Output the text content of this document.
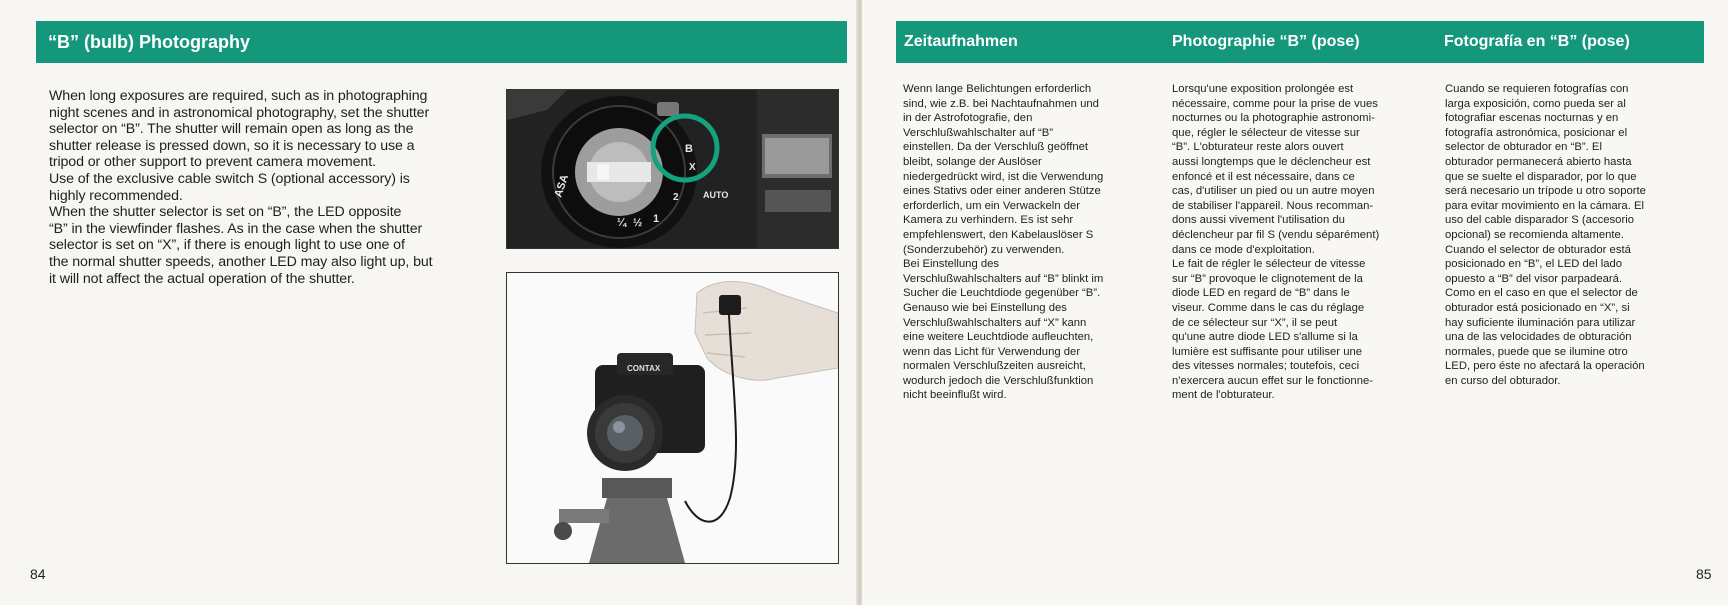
“B” (bulb) Photography
When long exposures are required, such as in photographing
night scenes and in astronomical photography, set the shutter
selector on “B”. The shutter will remain open as long as the
shutter release is pressed down, so it is necessary to use a
tripod or other support to prevent camera movement.
Use of the exclusive cable switch S (optional accessory) is
highly recommended.
When the shutter selector is set on “B”, the LED opposite
“B” in the viewfinder flashes. As in the case when the shutter
selector is set on “X”, if there is enough light to use one of
the normal shutter speeds, another LED may also light up, but
it will not affect the actual operation of the shutter.
ASA
B
X
2
¼ ½ 1
AUTO
CONTAX
84
Zeitaufnahmen	Photographie “B” (pose)	Fotografía en “B” (pose)
Wenn lange Belichtungen erforderlich
sind, wie z.B. bei Nachtaufnahmen und
in der Astrofotografie, den
Verschlußwahlschalter auf “B”
einstellen. Da der Verschluß geöffnet
bleibt, solange der Auslöser
niedergedrückt wird, ist die Verwendung
eines Stativs oder einer anderen Stütze
erforderlich, um ein Verwackeln der
Kamera zu verhindern. Es ist sehr
empfehlenswert, den Kabelauslöser S
(Sonderzubehör) zu verwenden.
Bei Einstellung des
Verschlußwahlschalters auf “B” blinkt im
Sucher die Leuchtdiode gegenüber “B”.
Genauso wie bei Einstellung des
Verschlußwahlschalters auf “X” kann
eine weitere Leuchtdiode aufleuchten,
wenn das Licht für Verwendung der
normalen Verschlußzeiten ausreicht,
wodurch jedoch die Verschlußfunktion
nicht beeinflußt wird.
Lorsqu'une exposition prolongée est
nécessaire, comme pour la prise de vues
nocturnes ou la photographie astronomi-
que, régler le sélecteur de vitesse sur
“B”. L'obturateur reste alors ouvert
aussi longtemps que le déclencheur est
enfoncé et il est nécessaire, dans ce
cas, d'utiliser un pied ou un autre moyen
de stabiliser l'appareil. Nous recomman-
dons aussi vivement l'utilisation du
déclencheur par fil S (vendu séparément)
dans ce mode d'exploitation.
Le fait de régler le sélecteur de vitesse
sur “B” provoque le clignotement de la
diode LED en regard de “B” dans le
viseur. Comme dans le cas du réglage
de ce sélecteur sur “X”, il se peut
qu'une autre diode LED s'allume si la
lumière est suffisante pour utiliser une
des vitesses normales; toutefois, ceci
n'exercera aucun effet sur le fonctionne-
ment de l'obturateur.
Cuando se requieren fotografías con
larga exposición, como pueda ser al
fotografiar escenas nocturnas y en
fotografía astronómica, posicionar el
selector de obturador en “B”. El
obturador permanecerá abierto hasta
que se suelte el disparador, por lo que
será necesario un trípode u otro soporte
para evitar movimiento en la cámara. El
uso del cable disparador S (accesorio
opcional) se recomienda altamente.
Cuando el selector de obturador está
posicionado en “B”, el LED del lado
opuesto a “B” del visor parpadeará.
Como en el caso en que el selector de
obturador está posicionado en “X”, si
hay suficiente iluminación para utilizar
una de las velocidades de obturación
normales, puede que se ilumine otro
LED, pero éste no afectará la operación
en curso del obturador.
85
